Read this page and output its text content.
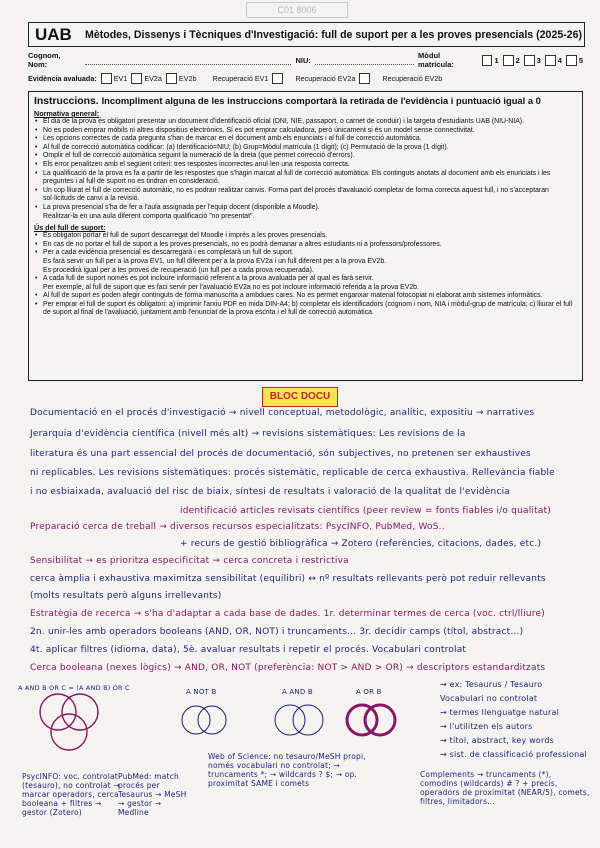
C01 8006
UAB	Mètodes, Dissenys i Tècniques d'Investigació: full de suport per a les proves presencials (2025-26)
Cognom, Nom:	NIU:	Mòdul matrícula:	1 2 3 4 5
Evidència avaluada: EV1 EV2a EV2b Recuperació EV1	Recuperació EV2a	Recuperació EV2b
Instruccions. Incompliment alguna de les instruccions comportarà la retirada de l'evidència i puntuació igual a 0
Normativa general:
• El dia de la prova és obligatori presentar un document d'identificació oficial (DNI, NIE, passaport, o carnet de conduir) i la targeta d'estudiants UAB (NIU-NIA).
• No es poden emprar mòbils ni altres dispositius electrònics. Sí es pot emprar calculadora, però únicament si és un model sense connectivitat.
• Les opcions correctes de cada pregunta s'han de marcar en el document amb els enunciats i al full de correcció automàtica.
• Al full de correcció automàtica codificar: (a) Identificació=NIU; (b) Grup=Mòdul matrícula (1 dígit); (c) Permutació de la prova (1 dígit).
• Omplir el full de correcció automàtica seguint la numeració de la dreta (que permet correcció d'errors).
• Els error penalitzen amb el següent criteri: tres respostes incorrectes anul·len una resposta correcta.
• La qualificació de la prova es fa a partir de les respostes que s'hagin marcat al full de correcció automàtica. Els continguts anotats al document amb els enunciats i les preguntes i al full de suport no es tindran en consideració.
• Un cop lliurat el full de correcció automàtic, no es podran realitzar canvis. Forma part del procés d'avaluació completar de forma correcta aquest full, i no s'acceptaran sol·licituds de canvi a la revisió.
• La prova presencial s'ha de fer a l'aula assignada per l'equip docent (disponible a Moodle).
Realitzar-la en una aula diferent comporta qualificació "no presentat".
Ús del full de suport:
• És obligatori portar el full de suport descarregat del Moodle i imprès a les proves presencials.
• En cas de no portar el full de suport a les proves presencials, no es podrà demanar a altres estudiants ni a professors/professores.
• Per a cada evidència presencial es descarregarà i es completarà un full de suport.
Es farà servir un full per a la prova EV1, un full diferent per a la prova EV2a i un full diferent per a la prova EV2b.
Es procedirà igual per a les proves de recuperació (un full per a cada prova recuperada).
• A cada full de suport només es pot incloure informació referent a la prova avaluada per al qual es farà servir.
Per exemple, al full de suport que es faci servir per l'avaluació EV2a no es pot incloure informació referida a la prova EV2b.
• Al full de suport es poden afegir continguts de forma manuscrita a ambdues cares. No es permet enganxar material fotocopiat ni elaborat amb sistemes informàtics.
• Per emprar el full de suport és obligatori: a) imprimir l'arxiu PDF en mida DIN-A4; b) completar els identificadors (cognom i nom, NIA i mòdul-grup de matrícula; c) lliurar el full de suport al final de l'avaluació, juntament amb l'enunciat de la prova escrita i el full de correcció automàtica.
BLOC DOCU
Documentació en el procés d'investigació → nivell conceptual, metodològic, analític, expositiu → narratives
Jerarquia d'evidència científica (nivell més alt) → revisions sistemàtiques: Les revisions de la
literatura és una part essencial del procés de documentació, són subjectives, no pretenen ser exhaustives
ni replicables. Les revisions sistemàtiques: procés sistemàtic, replicable de cerca exhaustiva. Rellevància fiable
i no esbiaixada, avaluació del risc de biaix, síntesi de resultats i valoració de la qualitat de l'evidència
identificació articles revisats científics (peer review = fonts fiables i/o qualitat)
Preparació cerca de treball → diversos recursos especialitzats: PsycINFO, PubMed, WoS..
+ recurs de gestió bibliogràfica → Zotero (referències, citacions, dades, etc.)
Sensibilitat → es prioritza especificitat → cerca concreta i restrictiva
cerca àmplia i exhaustiva maximitza sensibilitat (equilibri) ↔ nº resultats rellevants però pot reduir rellevants
(molts resultats però alguns irrellevants)
Estratègia de recerca → s'ha d'adaptar a cada base de dades. 1r. determinar termes de cerca (voc. ctrl/lliure)
2n. unir-les amb operadors booleans (AND, OR, NOT) i truncaments... 3r. decidir camps (títol, abstract...)
4t. aplicar filtres (idioma, data), 5è. avaluar resultats i repetir el procés. Vocabulari controlat
Cerca booleana (nexes lògics) → AND, OR, NOT (preferència: NOT > AND > OR) → descriptors estandarditzats
→ ex: Tesaurus / Tesauro
Vocabulari no controlat
→ termes llenguatge natural
→ l'utilitzen els autors
→ títol, abstract, key words
A AND B OR C = (A AND B) OR C
→ sist. de classificació professional
A NOT B	A AND B	A OR B
PubMed: match procés per Tesaurus → MeSH → gestor → Medline
PsycINFO: voc. controlat (tesauro), no controlat → marcar operadors, cerca booleana + filtres → gestor (Zotero)
Web of Science: no tesauro/MeSH propi, només vocabulari no controlat; → truncaments *; → wildcards ? $; → op. proximitat SAME i comets
Complements → truncaments (*), comodins (wildcards) # ? + precís, operadors de proximitat (NEAR/5), comets, filtres, limitadors...
